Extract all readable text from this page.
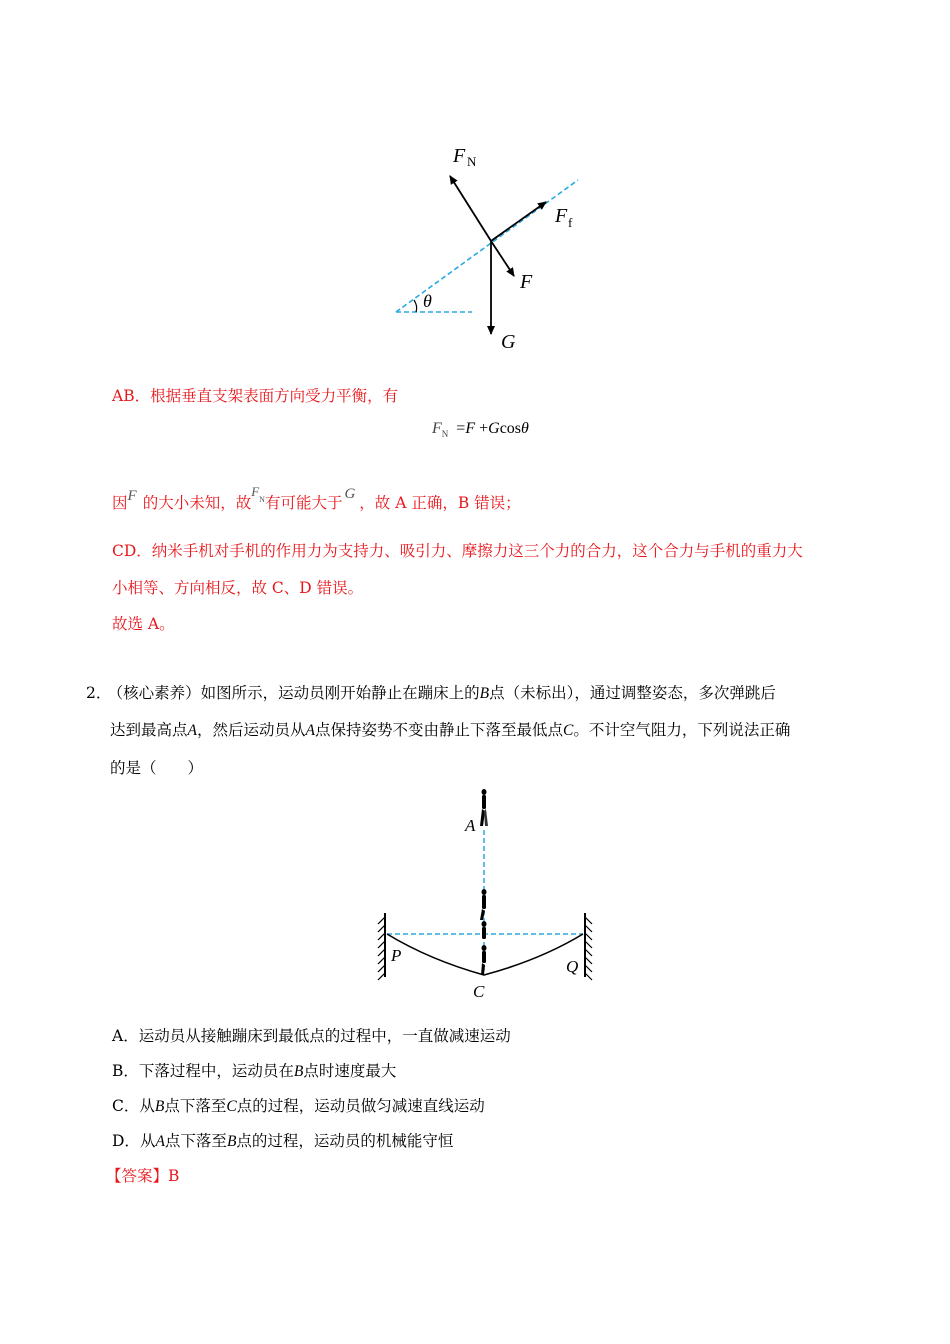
F N
F f
F
G
θ
AB．根据垂直支架表面方向受力平衡，有
$F_N =F +Gcos\theta$
因F 的大小未知，故$^F_N$有可能大于 G ，故 A 正确，B 错误；
CD．纳米手机对手机的作用力为支持力、吸引力、摩擦力这三个力的合力，这个合力与手机的重力大
小相等、方向相反，故 C、D 错误。
故选 A。
2． （核心素养）如图所示，运动员刚开始静止在蹦床上的B点（未标出），通过调整姿态，多次弹跳后
达到最高点A，然后运动员从A点保持姿势不变由静止下落至最低点C。不计空气阻力，下列说法正确
的是（　　）
A
P
Q
C
A．运动员从接触蹦床到最低点的过程中，一直做减速运动
B．下落过程中，运动员在B点时速度最大
C．从B点下落至C点的过程，运动员做匀减速直线运动
D．从A点下落至B点的过程，运动员的机械能守恒
【答案】B
